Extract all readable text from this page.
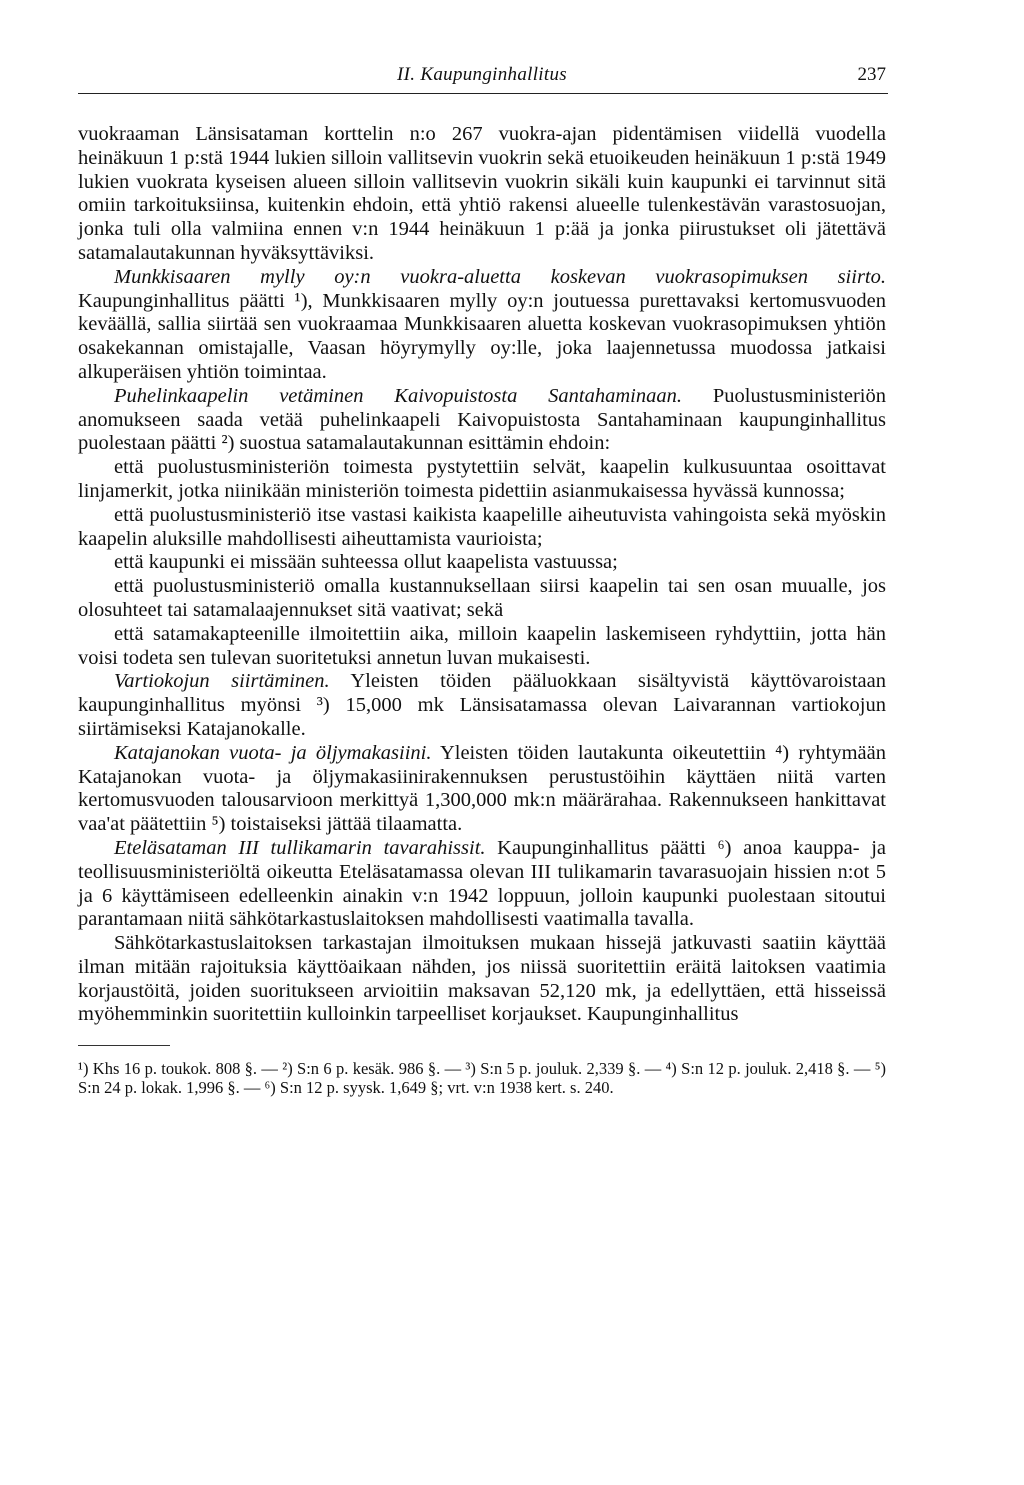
II. Kaupunginhallitus	237

vuokraaman Länsisataman korttelin n:o 267 vuokra-ajan pidentämisen viidellä vuodella heinäkuun 1 p:stä 1944 lukien silloin vallitsevin vuokrin sekä etuoikeuden heinäkuun 1 p:stä 1949 lukien vuokrata kyseisen alueen silloin vallitsevin vuokrin sikäli kuin kaupunki ei tarvinnut sitä omiin tarkoituksiinsa, kuitenkin ehdoin, että yhtiö rakensi alueelle tulenkestävän varastosuojan, jonka tuli olla valmiina ennen v:n 1944 heinäkuun 1 p:ää ja jonka piirustukset oli jätettävä satamalautakunnan hyväksyttäviksi.

Munkkisaaren mylly oy:n vuokra-aluetta koskevan vuokrasopimuksen siirto. Kaupunginhallitus päätti ¹), Munkkisaaren mylly oy:n joutuessa purettavaksi kertomusvuoden keväällä, sallia siirtää sen vuokraamaa Munkkisaaren aluetta koskevan vuokrasopimuksen yhtiön osakekannan omistajalle, Vaasan höyrymylly oy:lle, joka laajennetussa muodossa jatkaisi alkuperäisen yhtiön toimintaa.

Puhelinkaapelin vetäminen Kaivopuistosta Santahaminaan. Puolustusministeriön anomukseen saada vetää puhelinkaapeli Kaivopuistosta Santahaminaan kaupunginhallitus puolestaan päätti ²) suostua satamalautakunnan esittämin ehdoin:

että puolustusministeriön toimesta pystytettiin selvät, kaapelin kulkusuuntaa osoittavat linjamerkit, jotka niinikään ministeriön toimesta pidettiin asianmukaisessa hyvässä kunnossa;

että puolustusministeriö itse vastasi kaikista kaapelille aiheutuvista vahingoista sekä myöskin kaapelin aluksille mahdollisesti aiheuttamista vaurioista;

että kaupunki ei missään suhteessa ollut kaapelista vastuussa;

että puolustusministeriö omalla kustannuksellaan siirsi kaapelin tai sen osan muualle, jos olosuhteet tai satamalaajennukset sitä vaativat; sekä

että satamakapteenille ilmoitettiin aika, milloin kaapelin laskemiseen ryhdyttiin, jotta hän voisi todeta sen tulevan suoritetuksi annetun luvan mukaisesti.

Vartiokojun siirtäminen. Yleisten töiden pääluokkaan sisältyvistä käyttövaroistaan kaupunginhallitus myönsi ³) 15,000 mk Länsisatamassa olevan Laivarannan vartiokojun siirtämiseksi Katajanokalle.

Katajanokan vuota- ja öljymakasiini. Yleisten töiden lautakunta oikeutettiin ⁴) ryhtymään Katajanokan vuota- ja öljymakasiinirakennuksen perustustöihin käyttäen niitä varten kertomusvuoden talousarvioon merkittyä 1,300,000 mk:n määrärahaa. Rakennukseen hankittavat vaa'at päätettiin ⁵) toistaiseksi jättää tilaamatta.

Eteläsataman III tullikamarin tavarahissit. Kaupunginhallitus päätti ⁶) anoa kauppa- ja teollisuusministeriöltä oikeutta Eteläsatamassa olevan III tulikamarin tavarasuojain hissien n:ot 5 ja 6 käyttämiseen edelleenkin ainakin v:n 1942 loppuun, jolloin kaupunki puolestaan sitoutui parantamaan niitä sähkötarkastuslaitoksen mahdollisesti vaatimalla tavalla.

Sähkötarkastuslaitoksen tarkastajan ilmoituksen mukaan hissejä jatkuvasti saatiin käyttää ilman mitään rajoituksia käyttöaikaan nähden, jos niissä suoritettiin eräitä laitoksen vaatimia korjaustöitä, joiden suoritukseen arvioitiin maksavan 52,120 mk, ja edellyttäen, että hisseissä myöhemminkin suoritettiin kulloinkin tarpeelliset korjaukset. Kaupunginhallitus

¹) Khs 16 p. toukok. 808 §. — ²) S:n 6 p. kesäk. 986 §. — ³) S:n 5 p. jouluk. 2,339 §. — ⁴) S:n 12 p. jouluk. 2,418 §. — ⁵) S:n 24 p. lokak. 1,996 §. — ⁶) S:n 12 p. syysk. 1,649 §; vrt. v:n 1938 kert. s. 240.
